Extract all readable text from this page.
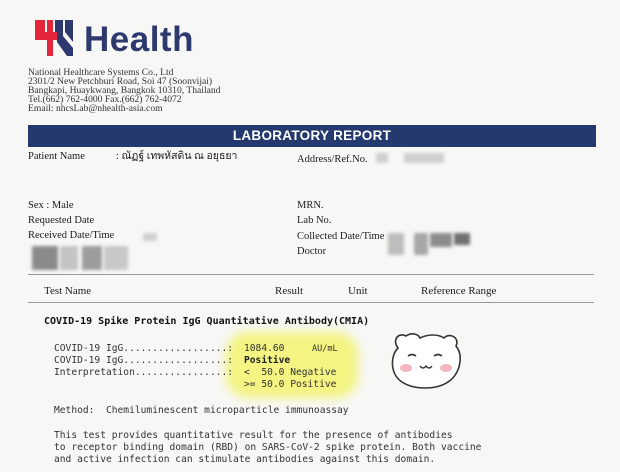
Health
National Healthcare Systems Co., Ltd
2301/2 New Petchburi Road, Soi 47 (Soonvijai)
Bangkapi, Huaykwang, Bangkok 10310, Thailand
Tel.(662) 762-4000 Fax.(662) 762-4072
Email: nhcsLab@nhealth-asia.com
LABORATORY REPORT
Patient Name	: ณัฏฐ์ เทพหัสดิน ณ อยุธยา	Address/Ref.No.
Sex : Male
Requested Date
Received Date/Time
MRN.
Lab No.
Collected Date/Time
Doctor
Test Name	Result	Unit	Reference Range
COVID-19 Spike Protein IgG Quantitative Antibody(CMIA)
COVID-19 IgG..................: 1084.60	AU/mL
COVID-19 IgG..................: Positive
Interpretation................: <  50.0 Negative
>= 50.0 Positive
Method:  Chemiluminescent microparticle immunoassay
This test provides quantitative result for the presence of antibodies
to receptor binding domain (RBD) on SARS-CoV-2 spike protein. Both vaccine
and active infection can stimulate antibodies against this domain.
